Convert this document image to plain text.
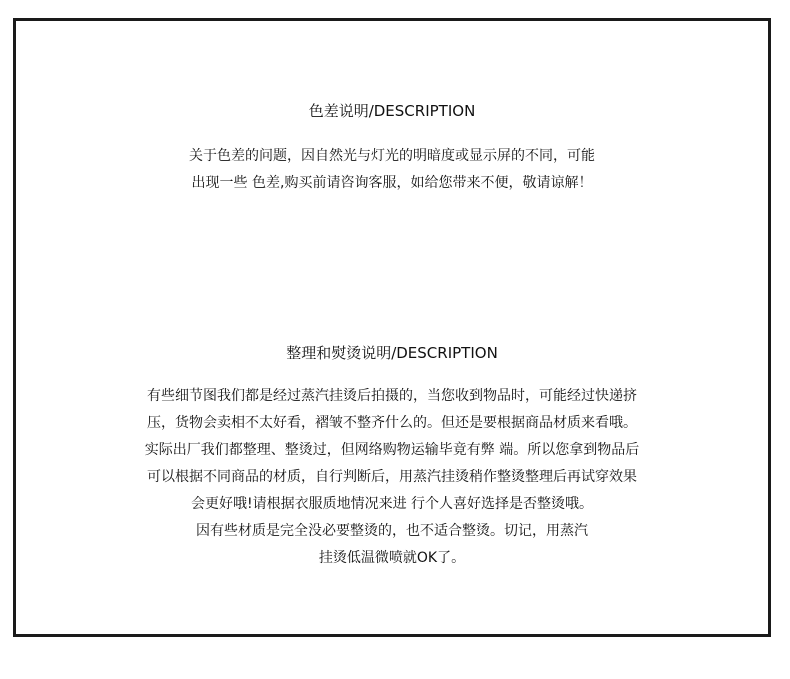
色差说明/DESCRIPTION

关于色差的问题，因自然光与灯光的明暗度或显示屏的不同，可能
出现一些 色差,购买前请咨询客服，如给您带来不便，敬请谅解！

整理和熨烫说明/DESCRIPTION

有些细节图我们都是经过蒸汽挂烫后拍摄的，当您收到物品时，可能经过快递挤
压，货物会卖相不太好看，褶皱不整齐什么的。但还是要根据商品材质来看哦。
实际出厂我们都整理、整烫过，但网络购物运输毕竟有弊 端。所以您拿到物品后
可以根据不同商品的材质，自行判断后，用蒸汽挂烫稍作整烫整理后再试穿效果
会更好哦!请根据衣服质地情况来进 行个人喜好选择是否整烫哦。
因有些材质是完全没必要整烫的，也不适合整烫。切记，用蒸汽
挂烫低温微喷就OK了。
